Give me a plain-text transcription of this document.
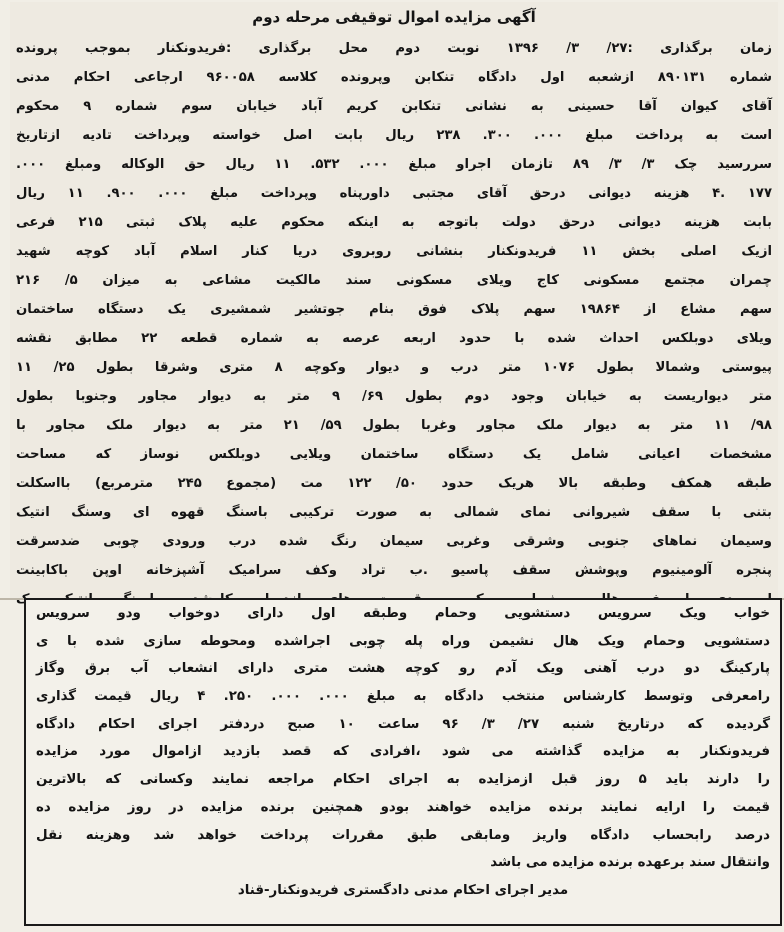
آگهی مزایده اموال توقیفی مرحله دوم
زمان برگذاری :۲۷/ ۳/ ۱۳۹۶ نوبت دوم محل برگذاری :فریدونکنار بموجب پرونده
شماره ۸۹۰۱۳۱ ازشعبه اول دادگاه تنکابن وپرونده کلاسه ۹۶۰۰۵۸ ارجاعی احکام مدنی
آقای کیوان آقا حسینی به نشانی تنکابن کریم آباد خیابان سوم شماره ۹ محکوم
است به پرداخت مبلغ ۰۰۰. ۳۰۰. ۲۳۸ ریال بابت اصل خواسته وپرداخت تادیه ازتاریخ
سررسید چک ۳/ ۳/ ۸۹ تازمان اجراو مبلغ ۰۰۰. ۵۳۲. ۱۱ ریال حق الوکاله ومبلغ ۰۰۰.
۱۷۷ .۴ هزینه دیوانی درحق آقای مجتبی داورپناه وپرداخت مبلغ ۰۰۰. ۹۰۰. ۱۱ ریال
بابت هزینه دیوانی درحق دولت باتوجه به اینکه محکوم علیه پلاک ثبتی ۲۱۵ فرعی
ازیک اصلی بخش ۱۱ فریدونکنار بنشانی روبروی دریا کنار اسلام آباد کوچه شهید
چمران مجتمع مسکونی کاج ویلای مسکونی سند مالکیت مشاعی به میزان ۵/ ۲۱۶
سهم مشاع از ۱۹۸۶۴ سهم پلاک فوق بنام جوتشیر شمشیری یک دستگاه ساختمان
ویلای دوبلکس احداث شده با حدود اربعه عرصه به شماره قطعه ۲۲ مطابق نقشه
پیوستی وشمالا بطول ۱۰۷۶ متر درب و دیوار وکوچه ۸ متری وشرقا بطول ۲۵/ ۱۱
متر دیواریست به خیابان وجود دوم بطول ۶۹/ ۹ متر به دیوار مجاور وجنوبا بطول
۹۸/ ۱۱ متر به دیوار ملک مجاور وغربا بطول ۵۹/ ۲۱ متر به دیوار ملک مجاور با
مشخصات اعیانی شامل یک دستگاه ساختمان ویلایی دوبلکس نوساز که مساحت
طبقه همکف وطبقه بالا هریک حدود ۵۰/ ۱۲۲ مت (مجموع ۲۴۵ مترمربع) بااسکلت
بتنی با سقف شیروانی نمای شمالی به صورت ترکیبی باسنگ قهوه ای وسنگ انتیک
وسیمان نماهای جنوبی وشرقی وغربی سیمان رنگ شده درب ورودی چوبی ضدسرقت
پنجره آلومینیوم وپوشش سقف پاسیو .ب تراد وکف سرامیک آشپزخانه اوپن باکابینت
خواب ویک سرویس دستشویی وحمام وطبقه اول دارای دوخواب ودو سرویس
دستشویی وحمام ویک هال نشیمن وراه پله چوبی اجراشده ومحوطه سازی شده با ی
پارکینگ دو درب آهنی ویک آدم رو کوچه هشت متری دارای انشعاب آب برق وگاز
رامعرفی وتوسط کارشناس منتخب دادگاه به مبلغ ۰۰۰. ۰۰۰. ۲۵۰. ۴ ریال قیمت گذاری
گردیده که درتاریخ شنبه ۲۷/ ۳/ ۹۶ ساعت ۱۰ صبح دردفتر اجرای احکام دادگاه
فریدونکنار به مزایده گذاشته می شود ،افرادی که قصد بازدید ازاموال مورد مزایده
را دارند باید ۵ روز قبل ازمزایده به اجرای احکام مراجعه نمایند وکسانی که بالاترین
قیمت را ارایه نمایند برنده مزایده خواهند بودو همچنین برنده مزایده در روز مزایده ده
درصد رابحساب دادگاه واریز ومابقی طبق مقررات پرداخت خواهد شد وهزینه نقل
وانتقال سند برعهده برنده مزایده می باشد
مدیر اجرای احکام مدنی دادگستری فریدونکنار-قناد
